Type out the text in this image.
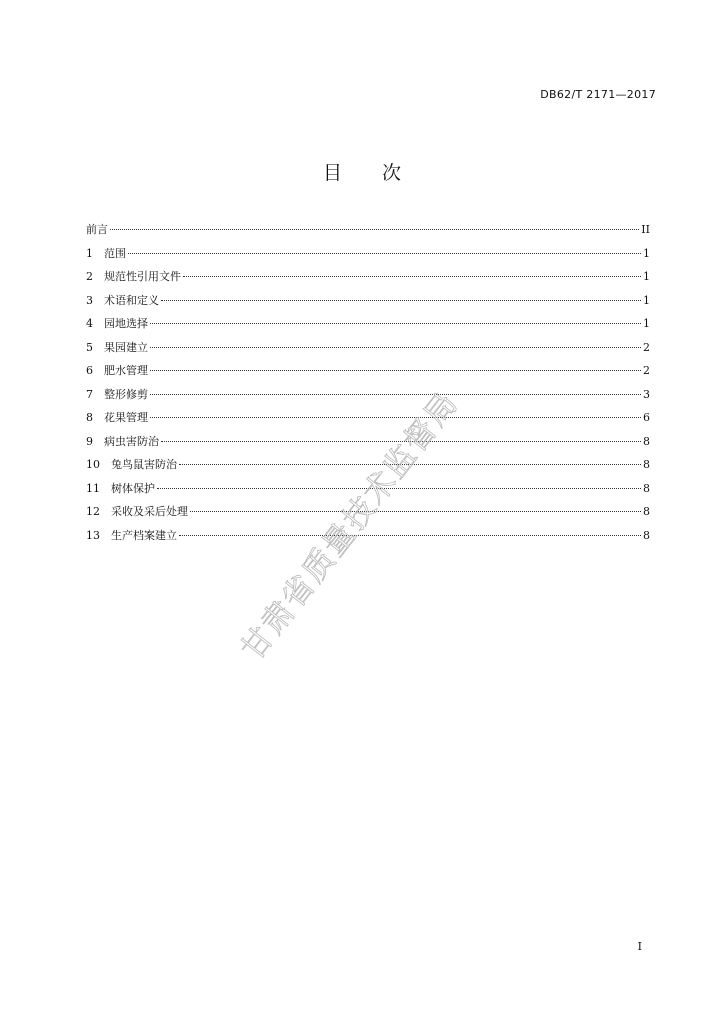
DB62/T 2171—2017
目 次
前言	II
1	范围	1
2	规范性引用文件	1
3	术语和定义	1
4	园地选择	1
5	果园建立	2
6	肥水管理	2
7	整形修剪	3
8	花果管理	6
9	病虫害防治	8
10	兔鸟鼠害防治	8
11	树体保护	8
12	采收及采后处理	8
13	生产档案建立	8
甘肃省质量技术监督局
I
